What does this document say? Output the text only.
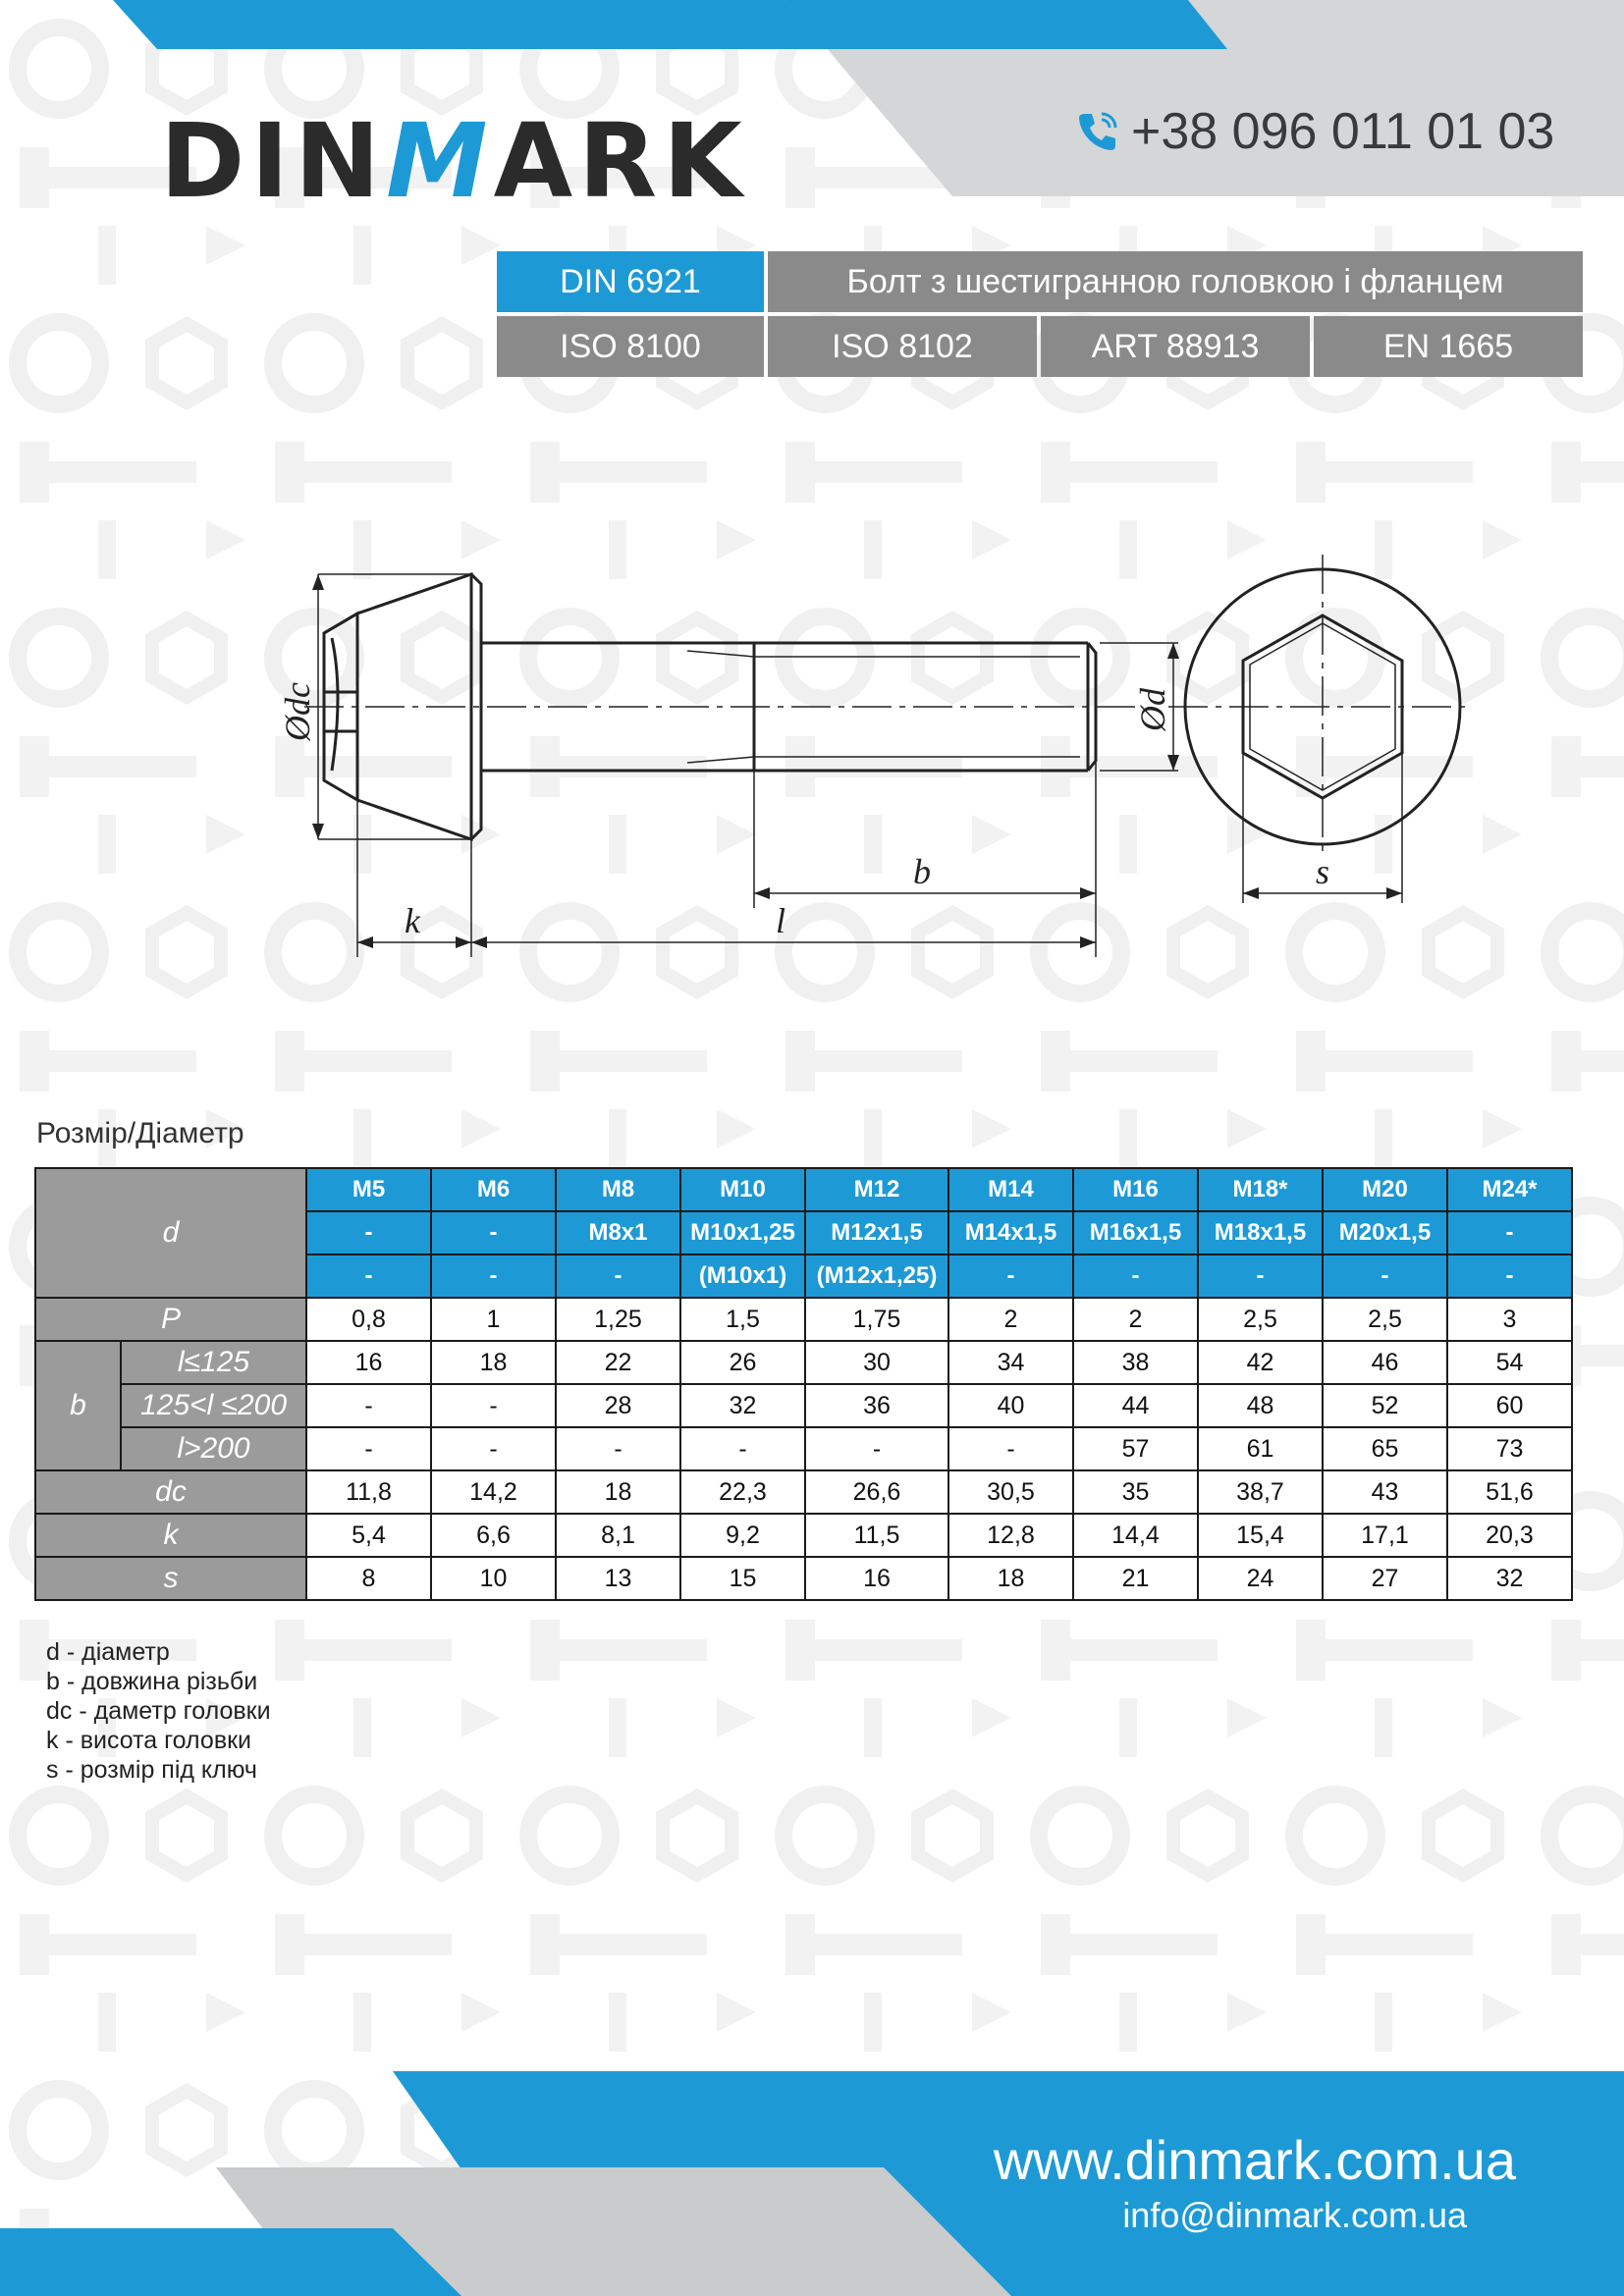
DINMARK	+38 096 011 01 03
DIN 6921	Болт з шестигранною головкою і фланцем
ISO 8100	ISO 8102	ART 88913	EN 1665
Ødc	Ød
b
k	l
s
Розмір/Діаметр
d		M5	M6	M8	M10	M12	M14	M16	M18*	M20	M24*
		-	-	M8x1	M10x1,25	M12x1,5	M14x1,5	M16x1,5	M18x1,5	M20x1,5	-
		-	-	-	(M10x1)	(M12x1,25)	-	-	-	-	-
P		0,8	1	1,25	1,5	1,75	2	2	2,5	2,5	3
b	l≤125	16	18	22	26	30	34	38	42	46	54
	125<l ≤200	-	-	28	32	36	40	44	48	52	60
	l>200	-	-	-	-	-	-	57	61	65	73
dc		11,8	14,2	18	22,3	26,6	30,5	35	38,7	43	51,6
k		5,4	6,6	8,1	9,2	11,5	12,8	14,4	15,4	17,1	20,3
s		8	10	13	15	16	18	21	24	27	32
d - діаметр
b - довжина різьби
dc - даметр головки
k - висота головки
s - розмір під ключ
www.dinmark.com.ua
info@dinmark.com.ua
